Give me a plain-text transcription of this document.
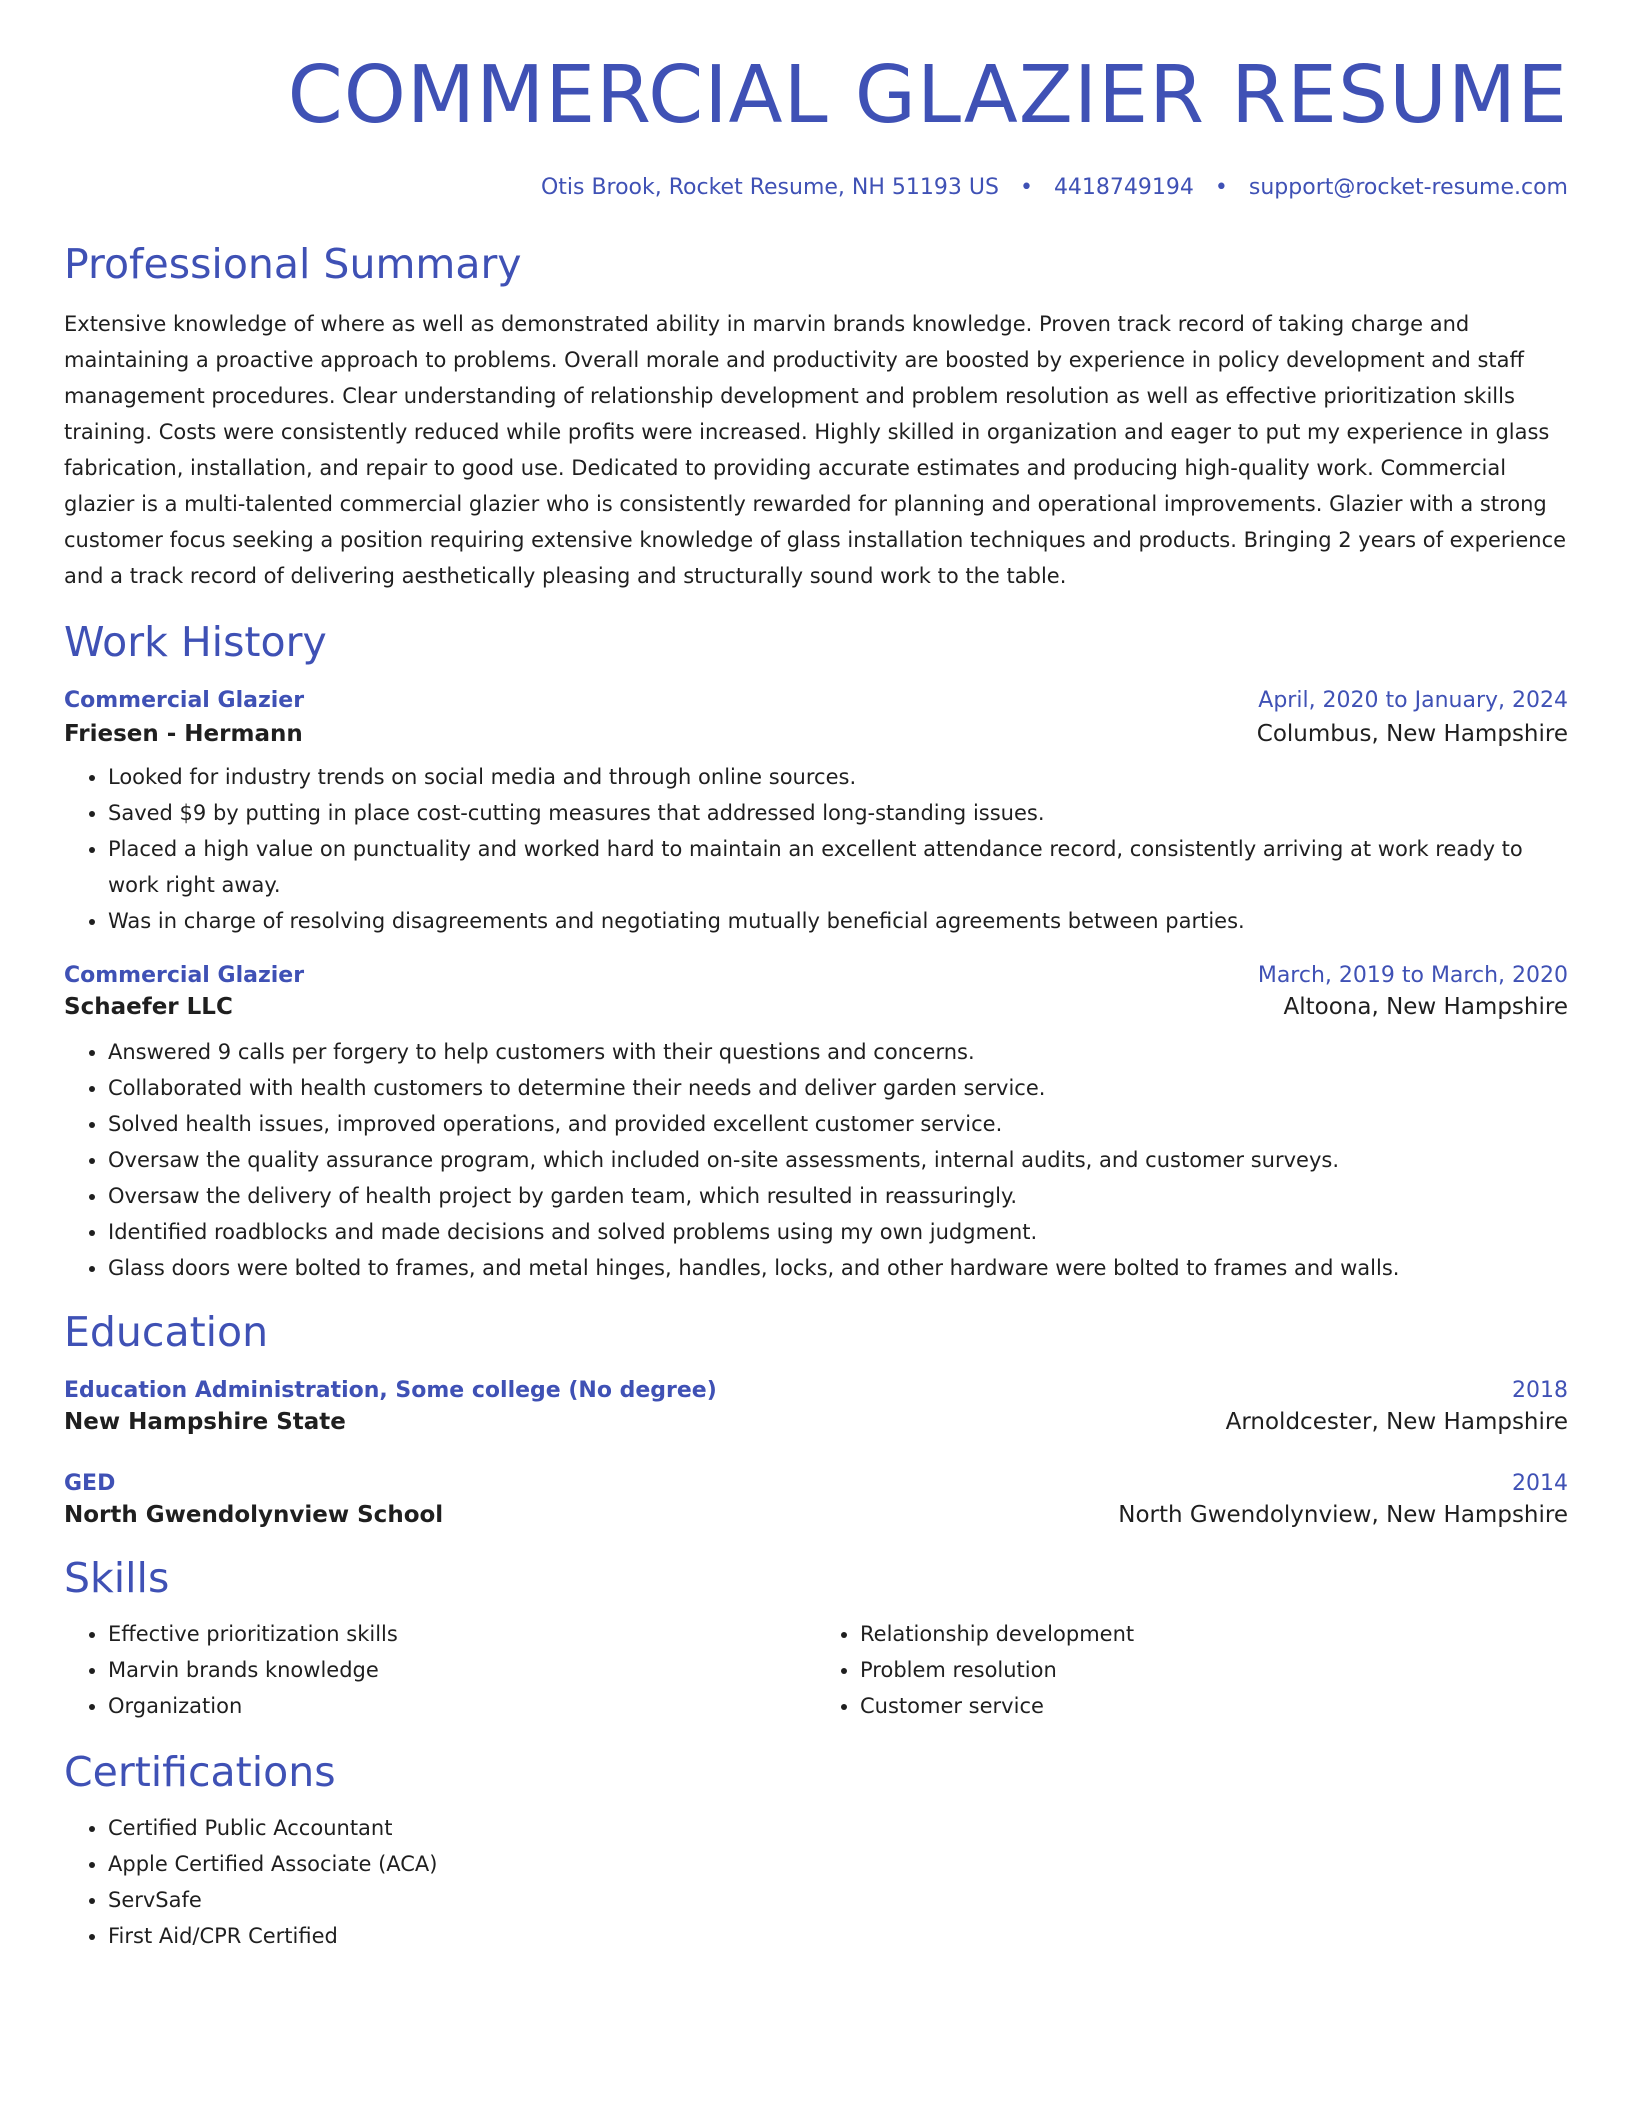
COMMERCIAL GLAZIER RESUME
Otis Brook, Rocket Resume, NH 51193 US • 4418749194 • support@rocket-resume.com
Professional Summary

Extensive knowledge of where as well as demonstrated ability in marvin brands knowledge. Proven track record of taking charge and maintaining a proactive approach to problems. Overall morale and productivity are boosted by experience in policy development and staff management procedures. Clear understanding of relationship development and problem resolution as well as effective prioritization skills training. Costs were consistently reduced while profits were increased. Highly skilled in organization and eager to put my experience in glass fabrication, installation, and repair to good use. Dedicated to providing accurate estimates and producing high-quality work. Commercial glazier is a multi-talented commercial glazier who is consistently rewarded for planning and operational improvements. Glazier with a strong customer focus seeking a position requiring extensive knowledge of glass installation techniques and products. Bringing 2 years of experience and a track record of delivering aesthetically pleasing and structurally sound work to the table.

Work History
Commercial Glazier	April, 2020 to January, 2024
Friesen - Hermann	Columbus, New Hampshire
• Looked for industry trends on social media and through online sources.
• Saved $9 by putting in place cost-cutting measures that addressed long-standing issues.
• Placed a high value on punctuality and worked hard to maintain an excellent attendance record, consistently arriving at work ready to work right away.
• Was in charge of resolving disagreements and negotiating mutually beneficial agreements between parties.
Commercial Glazier	March, 2019 to March, 2020
Schaefer LLC	Altoona, New Hampshire
• Answered 9 calls per forgery to help customers with their questions and concerns.
• Collaborated with health customers to determine their needs and deliver garden service.
• Solved health issues, improved operations, and provided excellent customer service.
• Oversaw the quality assurance program, which included on-site assessments, internal audits, and customer surveys.
• Oversaw the delivery of health project by garden team, which resulted in reassuringly.
• Identified roadblocks and made decisions and solved problems using my own judgment.
• Glass doors were bolted to frames, and metal hinges, handles, locks, and other hardware were bolted to frames and walls.
Education
Education Administration, Some college (No degree)	2018
New Hampshire State	Arnoldcester, New Hampshire
GED	2014
North Gwendolynview School	North Gwendolynview, New Hampshire
Skills
• Effective prioritization skills
• Marvin brands knowledge
• Organization
• Relationship development
• Problem resolution
• Customer service
Certifications
• Certified Public Accountant
• Apple Certified Associate (ACA)
• ServSafe
• First Aid/CPR Certified
